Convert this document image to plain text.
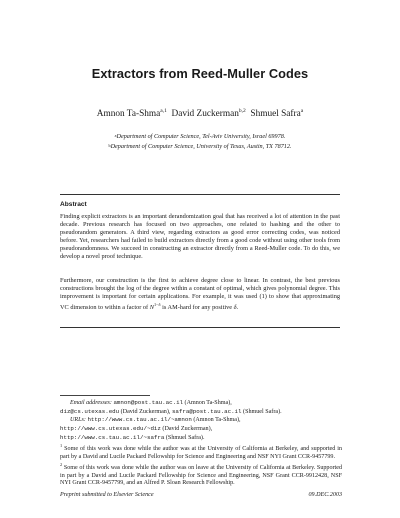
Extractors from Reed-Muller Codes
Amnon Ta-Shma$^{a,1}$ David Zuckerman$^{b,2}$ Shmuel Safra$^a$
$^a$Department of Computer Science, Tel-Aviv University, Israel 69978.
$^b$Department of Computer Science, University of Texas, Austin, TX 78712.
Abstract
Finding explicit extractors is an important derandomization goal that has received a lot of attention in the past decade. Previous research has focused on two approaches, one related to hashing and the other to pseudorandom generators. A third view, regarding extractors as good error correcting codes, was noticed before. Yet, researchers had failed to build extractors directly from a good code without using other tools from pseudorandomness. We succeed in constructing an extractor directly from a Reed-Muller code. To do this, we develop a novel proof technique.
Furthermore, our construction is the first to achieve degree close to linear. In contrast, the best previous constructions brought the log of the degree within a constant of optimal, which gives polynomial degree. This improvement is important for certain applications. For example, it was used (1) to show that approximating VC dimension to within a factor of $N^{1-\delta}$ is AM-hard for any positive δ.
Email addresses: amnon@post.tau.ac.il (Amnon Ta-Shma),
diz@cs.utexas.edu (David Zuckerman), safra@post.tau.ac.il (Shmuel Safra).
URLs: http://www.cs.tau.ac.il/~amnon (Amnon Ta-Shma),
http://www.cs.utexas.edu/~diz (David Zuckerman),
http://www.cs.tau.ac.il/~safra (Shmuel Safra).
Preprint submitted to Elsevier Science	09.DEC.2003
$^1$ Some of this work was done while the author was at the University of California at Berkeley, and supported in part by a David and Lucile Packard Fellowship for Science and Engineering and NSF NYI Grant CCR-9457799.
$^2$ Some of this work was done while the author was on leave at the University of California at Berkeley. Supported in part by a David and Lucile Packard Fellowship for Science and Engineering, NSF Grant CCR-9912428, NSF NYI Grant CCR-9457799, and an Alfred P. Sloan Research Fellowship.
